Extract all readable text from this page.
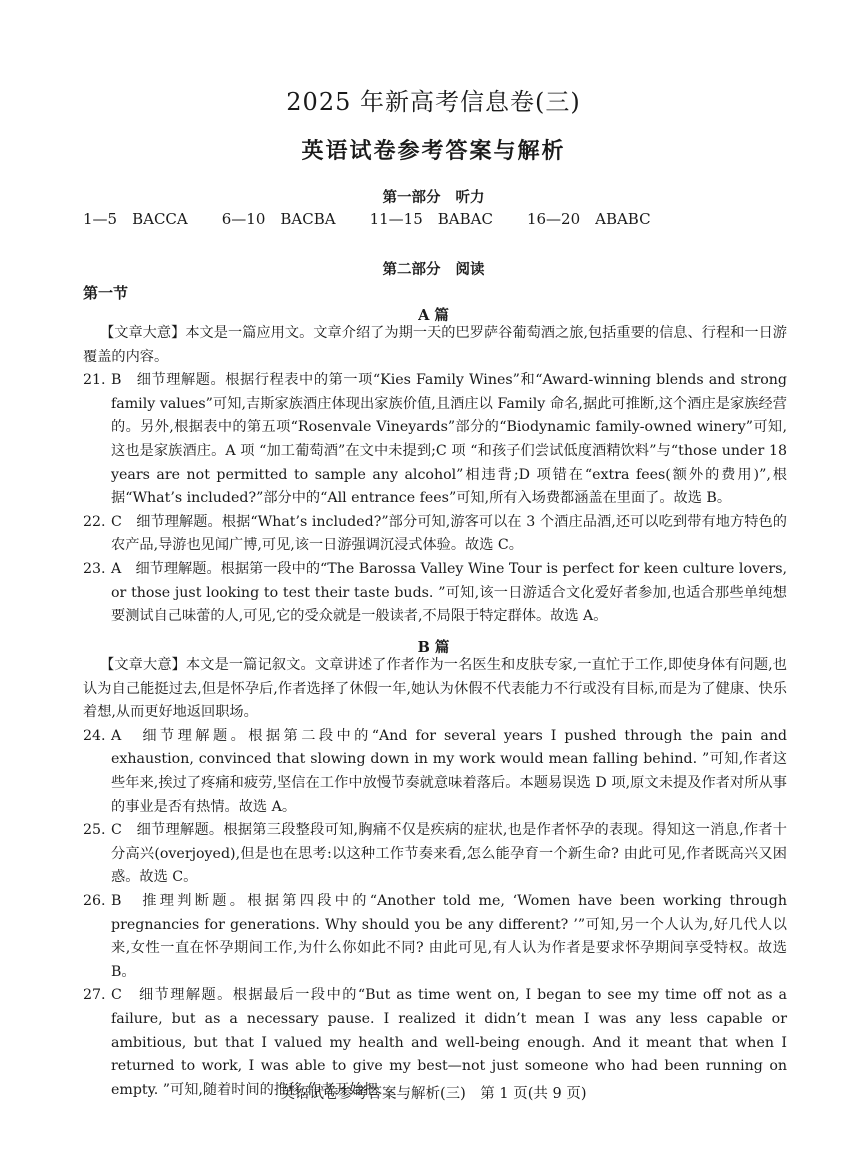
2025 年新高考信息卷(三)
英语试卷参考答案与解析
第一部分 听力
1—5　BACCA 6—10　BACBA 11—15　BABAC 16—20　ABABC
第二部分 阅读
第一节
A 篇
【文章大意】本文是一篇应用文。文章介绍了为期一天的巴罗萨谷葡萄酒之旅,包括重要的信息、行程和一日游覆盖的内容。
21. B　细节理解题。根据行程表中的第一项“Kies Family Wines”和“Award-winning blends and strong family values”可知,吉斯家族酒庄体现出家族价值,且酒庄以 Family 命名,据此可推断,这个酒庄是家族经营的。另外,根据表中的第五项“Rosenvale Vineyards”部分的“Biodynamic family-owned winery”可知,这也是家族酒庄。A 项 “加工葡萄酒”在文中未提到;C 项 “和孩子们尝试低度酒精饮料”与“those under 18 years are not permitted to sample any alcohol”相违背;D 项错在“extra fees(额外的费用)”,根据“What’s included?”部分中的“All entrance fees”可知,所有入场费都涵盖在里面了。故选 B。
22. C　细节理解题。根据“What’s included?”部分可知,游客可以在 3 个酒庄品酒,还可以吃到带有地方特色的农产品,导游也见闻广博,可见,该一日游强调沉浸式体验。故选 C。
23. A　细节理解题。根据第一段中的“The Barossa Valley Wine Tour is perfect for keen culture lovers, or those just looking to test their taste buds. ”可知,该一日游适合文化爱好者参加,也适合那些单纯想要测试自己味蕾的人,可见,它的受众就是一般读者,不局限于特定群体。故选 A。
B 篇
【文章大意】本文是一篇记叙文。文章讲述了作者作为一名医生和皮肤专家,一直忙于工作,即使身体有问题,也认为自己能挺过去,但是怀孕后,作者选择了休假一年,她认为休假不代表能力不行或没有目标,而是为了健康、快乐着想,从而更好地返回职场。
24. A　细节理解题。根据第二段中的“And for several years I pushed through the pain and exhaustion, convinced that slowing down in my work would mean falling behind. ”可知,作者这些年来,挨过了疼痛和疲劳,坚信在工作中放慢节奏就意味着落后。本题易误选 D 项,原文未提及作者对所从事的事业是否有热情。故选 A。
25. C　细节理解题。根据第三段整段可知,胸痛不仅是疾病的症状,也是作者怀孕的表现。得知这一消息,作者十分高兴(overjoyed),但是也在思考:以这种工作节奏来看,怎么能孕育一个新生命? 由此可见,作者既高兴又困惑。故选 C。
26. B　推理判断题。根据第四段中的“Another told me, ‘Women have been working through pregnancies for generations. Why should you be any different? ’”可知,另一个人认为,好几代人以来,女性一直在怀孕期间工作,为什么你如此不同? 由此可见,有人认为作者是要求怀孕期间享受特权。故选 B。
27. C　细节理解题。根据最后一段中的“But as time went on, I began to see my time off not as a failure, but as a necessary pause. I realized it didn’t mean I was any less capable or ambitious, but that I valued my health and well-being enough. And it meant that when I returned to work, I was able to give my best—not just someone who had been running on empty. ”可知,随着时间的推移,作者开始把
英语试卷参考答案与解析(三)　第 1 页(共 9 页)
